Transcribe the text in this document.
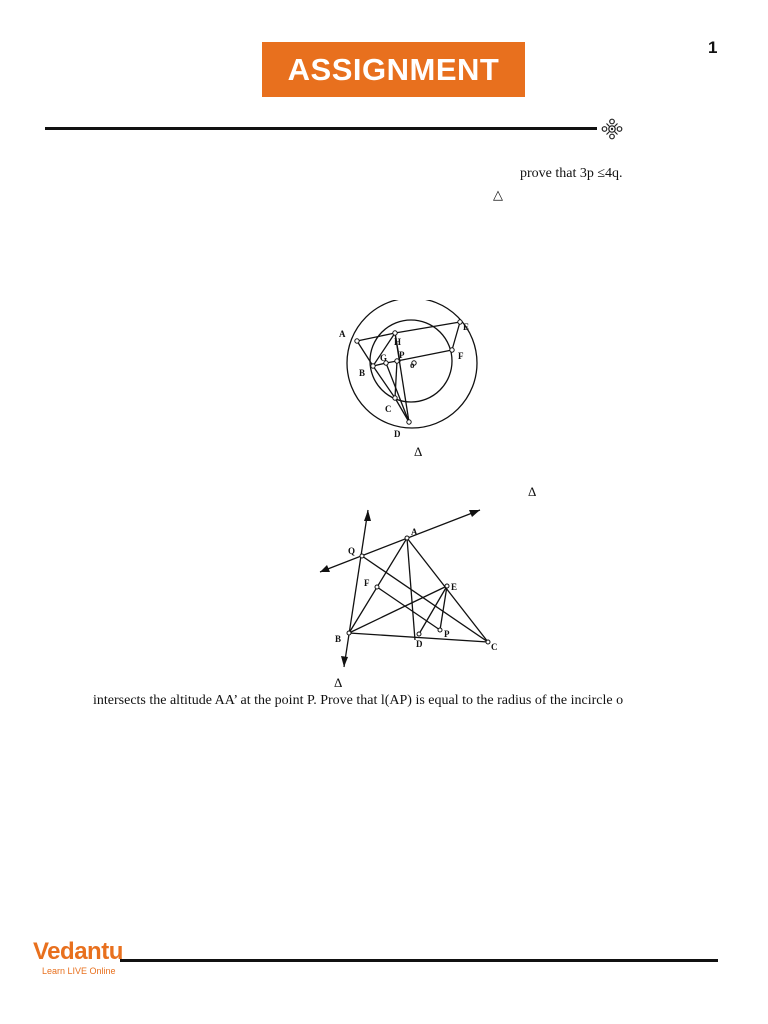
ASSIGNMENT
1
prove that 3p ≤4q.
△
A
H
E
G P	F
B
o
C
D
Δ
Δ
A
Q
F	E
B	D
P
C
Δ
intersects the altitude AA’ at the point P. Prove that l(AP) is equal to the radius of the incircle o
Vedantu
Learn LIVE Online
